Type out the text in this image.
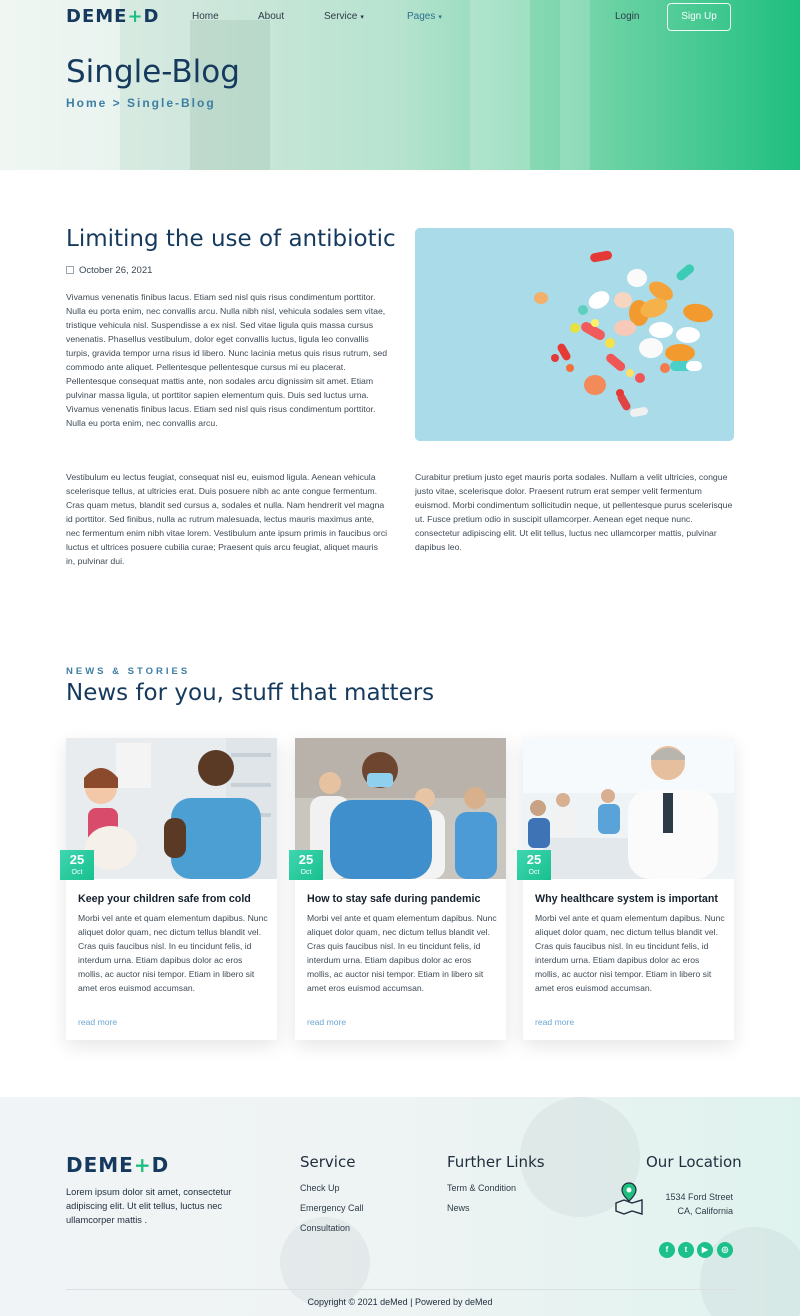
DEME+D	Home	About	Service ▾	Pages ▾	Login	Sign Up
Single-Blog
Home > Single-Blog
Limiting the use of antibiotic
October 26, 2021
Vivamus venenatis finibus lacus. Etiam sed nisl quis risus condimentum porttitor. Nulla eu porta enim, nec convallis arcu. Nulla nibh nisl, vehicula sodales sem vitae, tristique vehicula nisl. Suspendisse a ex nisl. Sed vitae ligula quis massa cursus venenatis. Phasellus vestibulum, dolor eget convallis luctus, ligula leo convallis turpis, gravida tempor urna risus id libero. Nunc lacinia metus quis risus rutrum, sed commodo ante aliquet. Pellentesque pellentesque cursus mi eu placerat. Pellentesque consequat mattis ante, non sodales arcu dignissim sit amet. Etiam pulvinar massa ligula, ut porttitor sapien elementum quis. Duis sed luctus urna. Vivamus venenatis finibus lacus. Etiam sed nisl quis risus condimentum porttitor. Nulla eu porta enim, nec convallis arcu.
Vestibulum eu lectus feugiat, consequat nisl eu, euismod ligula. Aenean vehicula scelerisque tellus, at ultricies erat. Duis posuere nibh ac ante congue fermentum. Cras quam metus, blandit sed cursus a, sodales et nulla. Nam hendrerit vel magna id porttitor. Sed finibus, nulla ac rutrum malesuada, lectus mauris maximus ante, nec fermentum enim nibh vitae lorem. Vestibulum ante ipsum primis in faucibus orci luctus et ultrices posuere cubilia curae; Praesent quis arcu feugiat, aliquet mauris in, pulvinar dui.
Curabitur pretium justo eget mauris porta sodales. Nullam a velit ultricies, congue justo vitae, scelerisque dolor. Praesent rutrum erat semper velit fermentum euismod. Morbi condimentum sollicitudin neque, ut pellentesque purus scelerisque ut. Fusce pretium odio in suscipit ullamcorper. Aenean eget neque nunc. consectetur adipiscing elit. Ut elit tellus, luctus nec ullamcorper mattis, pulvinar dapibus leo.
NEWS & STORIES
News for you, stuff that matters
25
Oct
Keep your children safe from cold
Morbi vel ante et quam elementum dapibus. Nunc aliquet dolor quam, nec dictum tellus blandit vel. Cras quis faucibus nisl. In eu tincidunt felis, id interdum urna. Etiam dapibus dolor ac eros mollis, ac auctor nisi tempor. Etiam in libero sit amet eros euismod accumsan.
read more
25
Oct
How to stay safe during pandemic
Morbi vel ante et quam elementum dapibus. Nunc aliquet dolor quam, nec dictum tellus blandit vel. Cras quis faucibus nisl. In eu tincidunt felis, id interdum urna. Etiam dapibus dolor ac eros mollis, ac auctor nisi tempor. Etiam in libero sit amet eros euismod accumsan.
read more
25
Oct
Why healthcare system is important
Morbi vel ante et quam elementum dapibus. Nunc aliquet dolor quam, nec dictum tellus blandit vel. Cras quis faucibus nisl. In eu tincidunt felis, id interdum urna. Etiam dapibus dolor ac eros mollis, ac auctor nisi tempor. Etiam in libero sit amet eros euismod accumsan.
read more
DEME+D
Lorem ipsum dolor sit amet, consectetur adipiscing elit. Ut elit tellus, luctus nec ullamcorper mattis .
Service
Check Up
Emergency Call
Consultation
Further Links
Term & Condition
News
Our Location
1534 Ford Street
CA, California
f	t	▶	◎
Copyright © 2021 deMed | Powered by deMed
